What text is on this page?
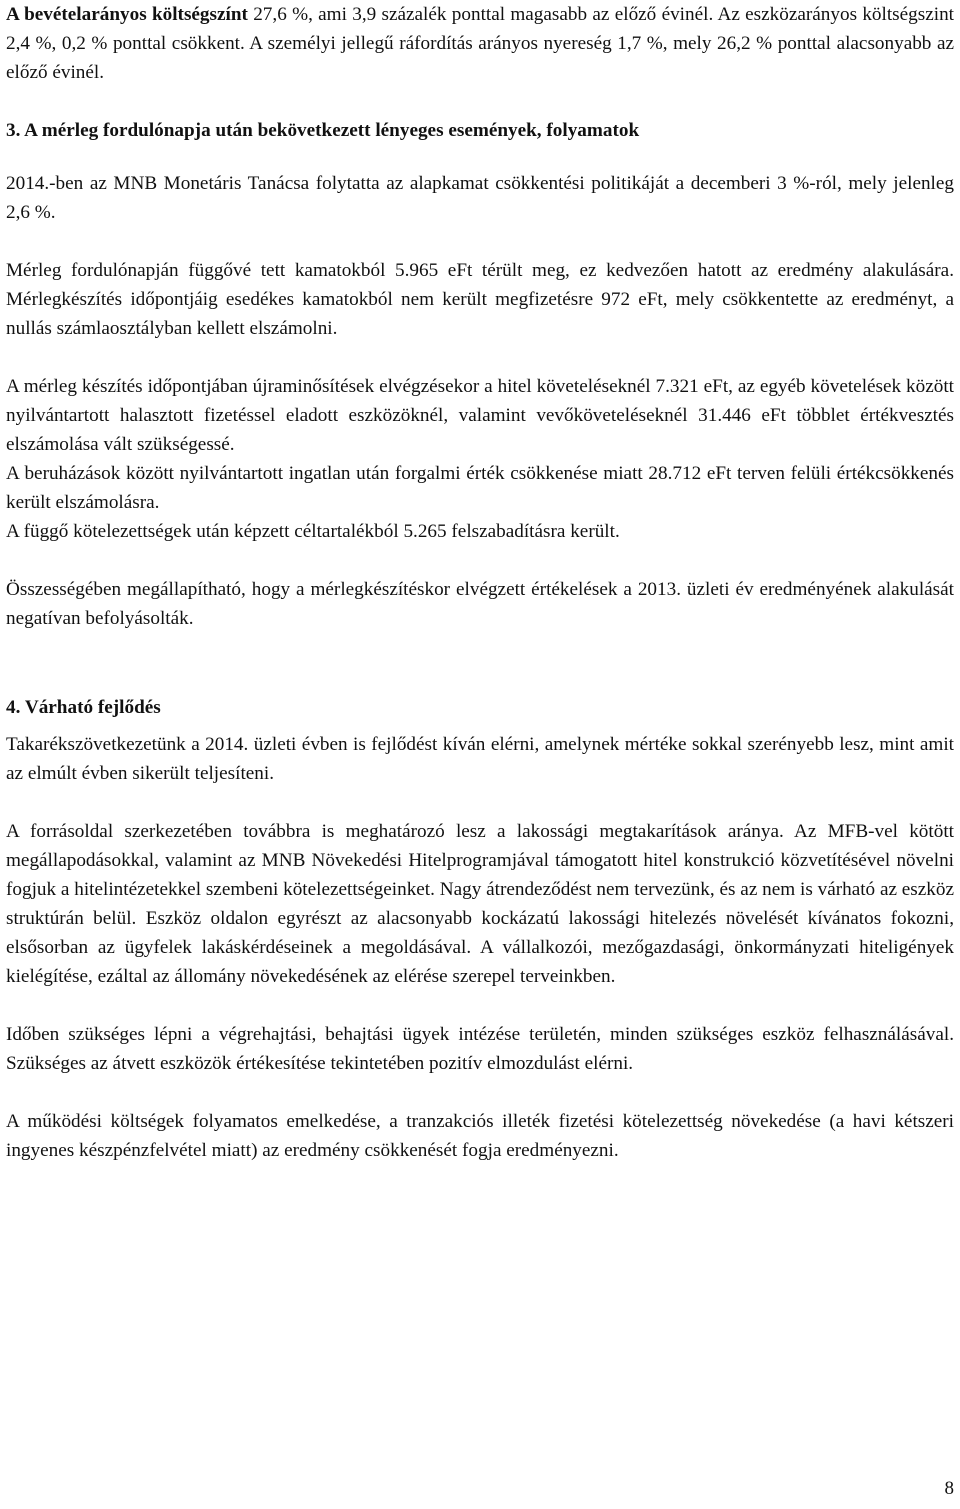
A bevételarányos költségszínt 27,6 %, ami 3,9 százalék ponttal magasabb az előző évinél. Az eszközarányos költségszint 2,4 %, 0,2 % ponttal csökkent. A személyi jellegű ráfordítás arányos nyereség 1,7 %, mely 26,2 % ponttal alacsonyabb az előző évinél.

3. A mérleg fordulónapja után bekövetkezett lényeges események, folyamatok

2014.-ben az MNB Monetáris Tanácsa folytatta az alapkamat csökkentési politikáját a decemberi 3 %-ról, mely jelenleg 2,6 %.

Mérleg fordulónapján függővé tett kamatokból 5.965 eFt térült meg, ez kedvezően hatott az eredmény alakulására. Mérlegkészítés időpontjáig esedékes kamatokból nem került megfizetésre 972 eFt, mely csökkentette az eredményt, a nullás számlaosztályban kellett elszámolni.

A mérleg készítés időpontjában újraminősítések elvégzésekor a hitel követeléseknél 7.321 eFt, az egyéb követelések között nyilvántartott halasztott fizetéssel eladott eszközöknél, valamint vevőköveteléseknél 31.446 eFt többlet értékvesztés elszámolása vált szükségessé.

A beruházások között nyilvántartott ingatlan után forgalmi érték csökkenése miatt 28.712 eFt terven felüli értékcsökkenés került elszámolásra.

A függő kötelezettségek után képzett céltartalékból 5.265 felszabadításra került.

Összességében megállapítható, hogy a mérlegkészítéskor elvégzett értékelések a 2013. üzleti év eredményének alakulását negatívan befolyásolták.

4. Várható fejlődés

Takarékszövetkezetünk a 2014. üzleti évben is fejlődést kíván elérni, amelynek mértéke sokkal szerényebb lesz, mint amit az elmúlt évben sikerült teljesíteni.

A forrásoldal szerkezetében továbbra is meghatározó lesz a lakossági megtakarítások aránya. Az MFB-vel kötött megállapodásokkal, valamint az MNB Növekedési Hitelprogramjával támogatott hitel konstrukció közvetítésével növelni fogjuk a hitelintézetekkel szembeni kötelezettségeinket. Nagy átrendeződést nem tervezünk, és az nem is várható az eszköz struktúrán belül. Eszköz oldalon egyrészt az alacsonyabb kockázatú lakossági hitelezés növelését kívánatos fokozni, elsősorban az ügyfelek lakáskérdéseinek a megoldásával. A vállalkozói, mezőgazdasági, önkormányzati hiteligények kielégítése, ezáltal az állomány növekedésének az elérése szerepel terveinkben.

Időben szükséges lépni a végrehajtási, behajtási ügyek intézése területén, minden szükséges eszköz felhasználásával. Szükséges az átvett eszközök értékesítése tekintetében pozitív elmozdulást elérni.

A működési költségek folyamatos emelkedése, a tranzakciós illeték fizetési kötelezettség növekedése (a havi kétszeri ingyenes készpénzfelvétel miatt) az eredmény csökkenését fogja eredményezni.

8
